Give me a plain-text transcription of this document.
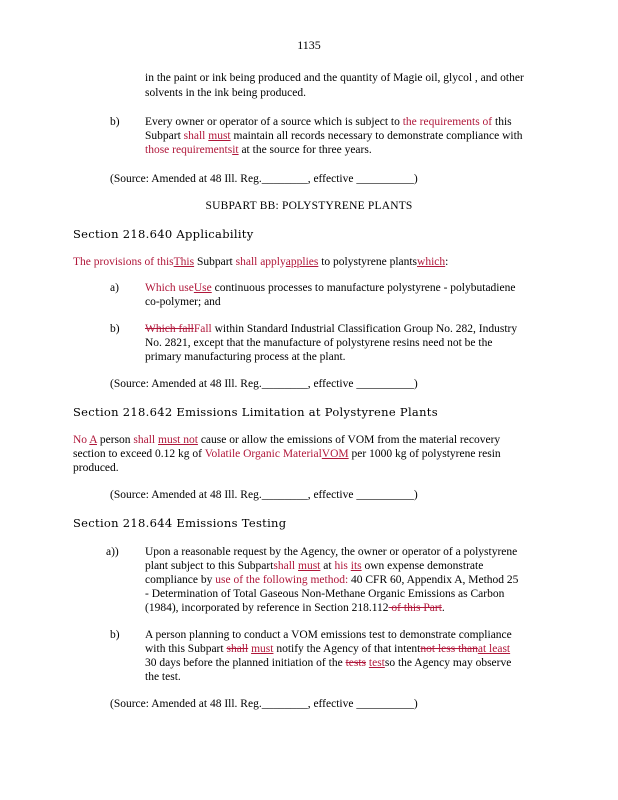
1135
in the paint or ink being produced and the quantity of Magie oil, glycol , and other
solvents in the ink being produced.
b) Every owner or operator of a source which is subject to the requirements of this
Subpart shall must maintain all records necessary to demonstrate compliance with
those requirementsit at the source for three years.
(Source: Amended at 48 Ill. Reg.________, effective __________)
SUBPART BB: POLYSTYRENE PLANTS
Section 218.640 Applicability
The provisions of thisThis Subpart shall applyapplies to polystyrene plantswhich:
a) Which useUse continuous processes to manufacture polystyrene - polybutadiene
co-polymer; and
b) Which fallFall within Standard Industrial Classification Group No. 282, Industry
No. 2821, except that the manufacture of polystyrene resins need not be the
primary manufacturing process at the plant.
(Source: Amended at 48 Ill. Reg.________, effective __________)
Section 218.642 Emissions Limitation at Polystyrene Plants
No A person shall must not cause or allow the emissions of VOM from the material recovery
section to exceed 0.12 kg of Volatile Organic MaterialVOM per 1000 kg of polystyrene resin
produced.
(Source: Amended at 48 Ill. Reg.________, effective __________)
Section 218.644 Emissions Testing
a)) Upon a reasonable request by the Agency, the owner or operator of a polystyrene
plant subject to this Subpartshall must at his its own expense demonstrate
compliance by use of the following method: 40 CFR 60, Appendix A, Method 25
- Determination of Total Gaseous Non-Methane Organic Emissions as Carbon
(1984), incorporated by reference in Section 218.112 of this Part.
b) A person planning to conduct a VOM emissions test to demonstrate compliance
with this Subpart shall must notify the Agency of that intentnot less thanat least
30 days before the planned initiation of the tests testso the Agency may observe
the test.
(Source: Amended at 48 Ill. Reg.________, effective __________)
